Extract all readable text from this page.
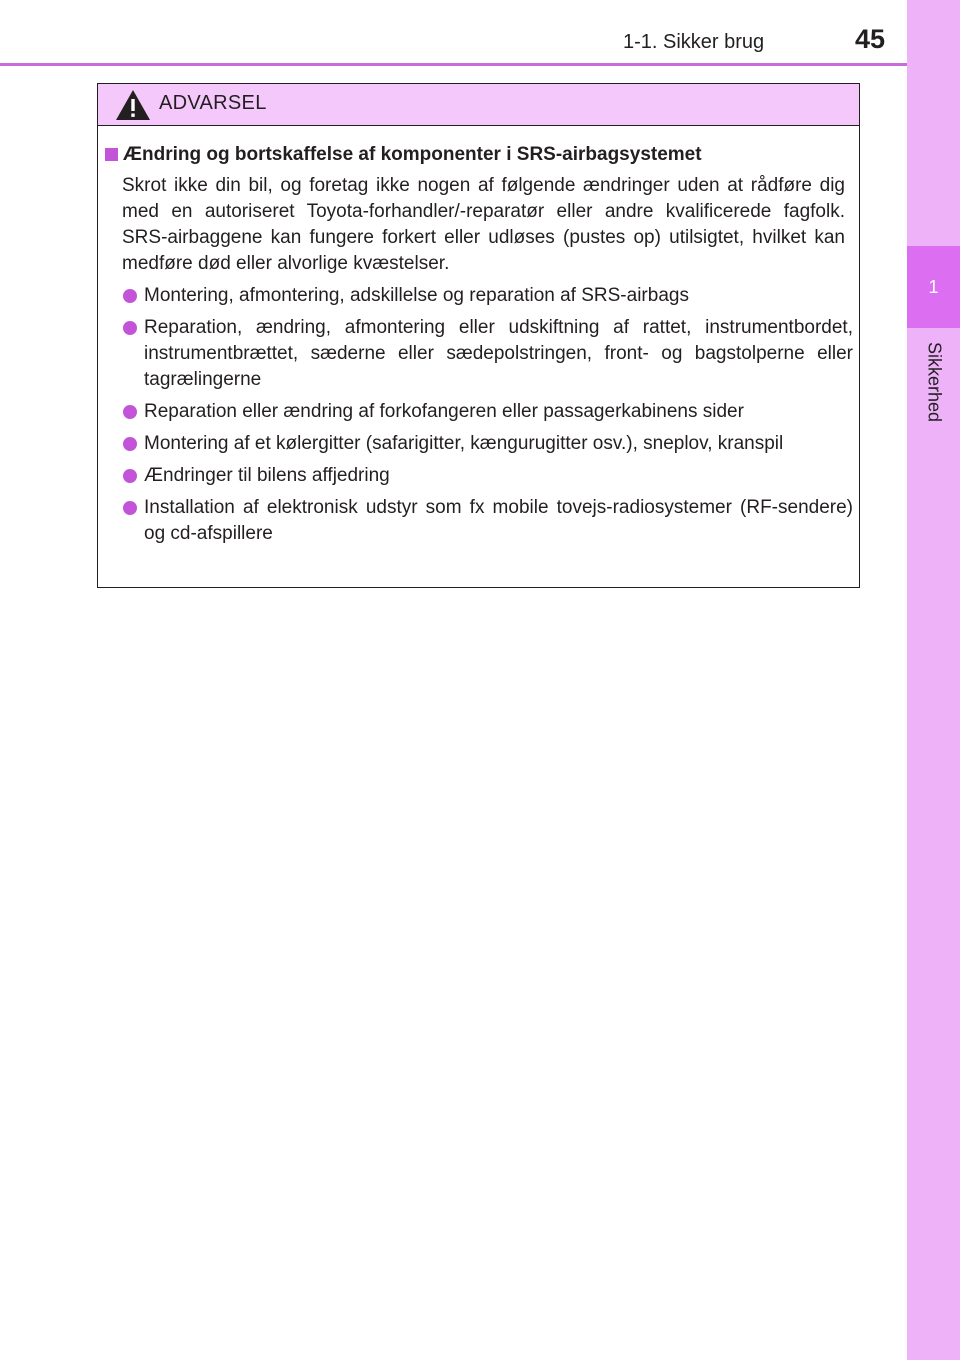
1
Sikkerhed
1-1. Sikker brug	45
ADVARSEL
Ændring og bortskaffelse af komponenter i SRS-airbagsystemet

Skrot ikke din bil, og foretag ikke nogen af følgende ændringer uden at rådføre dig med en autoriseret Toyota-forhandler/-reparatør eller andre kvalificerede fagfolk. SRS-airbaggene kan fungere forkert eller udløses (pustes op) utilsigtet, hvilket kan medføre død eller alvorlige kvæstelser.

Montering, afmontering, adskillelse og reparation af SRS-airbags
Reparation, ændring, afmontering eller udskiftning af rattet, instrumentbordet, instrumentbrættet, sæderne eller sædepolstringen, front- og bagstolperne eller tagrælingerne
Reparation eller ændring af forkofangeren eller passagerkabinens sider
Montering af et kølergitter (safarigitter, kængurugitter osv.), sneplov, kranspil
Ændringer til bilens affjedring
Installation af elektronisk udstyr som fx mobile tovejs-radiosystemer (RF-sendere) og cd-afspillere
